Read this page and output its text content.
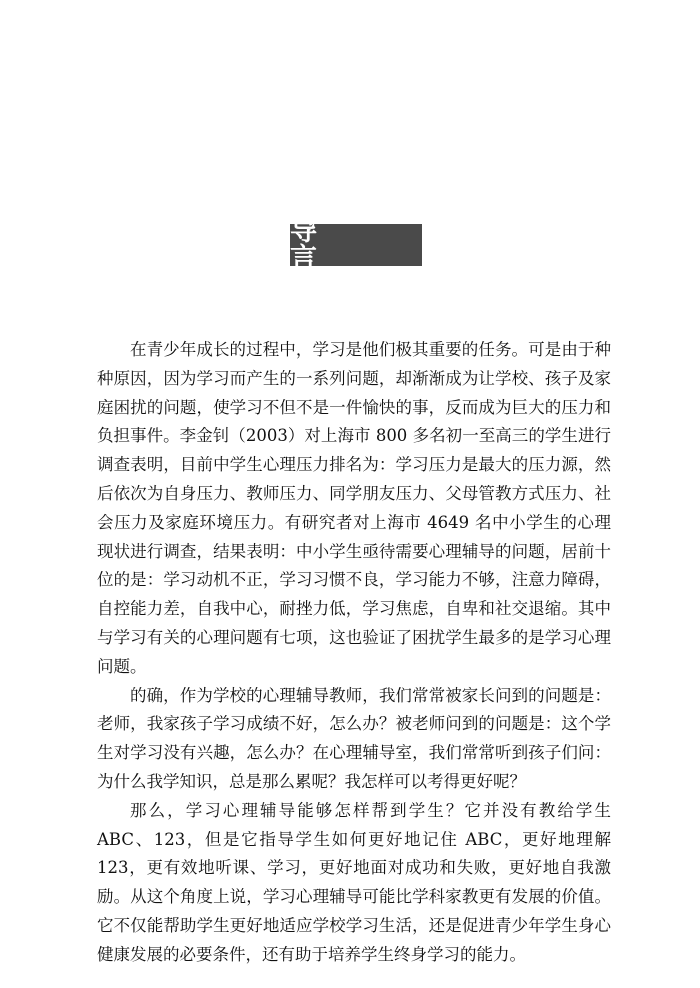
导　言

在青少年成长的过程中，学习是他们极其重要的任务。可是由于种种原因，因为学习而产生的一系列问题，却渐渐成为让学校、孩子及家庭困扰的问题，使学习不但不是一件愉快的事，反而成为巨大的压力和负担事件。李金钊（2003）对上海市 800 多名初一至高三的学生进行调查表明，目前中学生心理压力排名为：学习压力是最大的压力源，然后依次为自身压力、教师压力、同学朋友压力、父母管教方式压力、社会压力及家庭环境压力。有研究者对上海市 4649 名中小学生的心理现状进行调查，结果表明：中小学生亟待需要心理辅导的问题，居前十位的是：学习动机不正，学习习惯不良，学习能力不够，注意力障碍，自控能力差，自我中心，耐挫力低，学习焦虑，自卑和社交退缩。其中与学习有关的心理问题有七项，这也验证了困扰学生最多的是学习心理问题。

的确，作为学校的心理辅导教师，我们常常被家长问到的问题是：老师，我家孩子学习成绩不好，怎么办？被老师问到的问题是：这个学生对学习没有兴趣，怎么办？在心理辅导室，我们常常听到孩子们问：为什么我学知识，总是那么累呢？我怎样可以考得更好呢？

那么，学习心理辅导能够怎样帮到学生？它并没有教给学生 ABC、123，但是它指导学生如何更好地记住 ABC，更好地理解 123，更有效地听课、学习，更好地面对成功和失败，更好地自我激励。从这个角度上说，学习心理辅导可能比学科家教更有发展的价值。它不仅能帮助学生更好地适应学校学习生活，还是促进青少年学生身心健康发展的必要条件，还有助于培养学生终身学习的能力。
